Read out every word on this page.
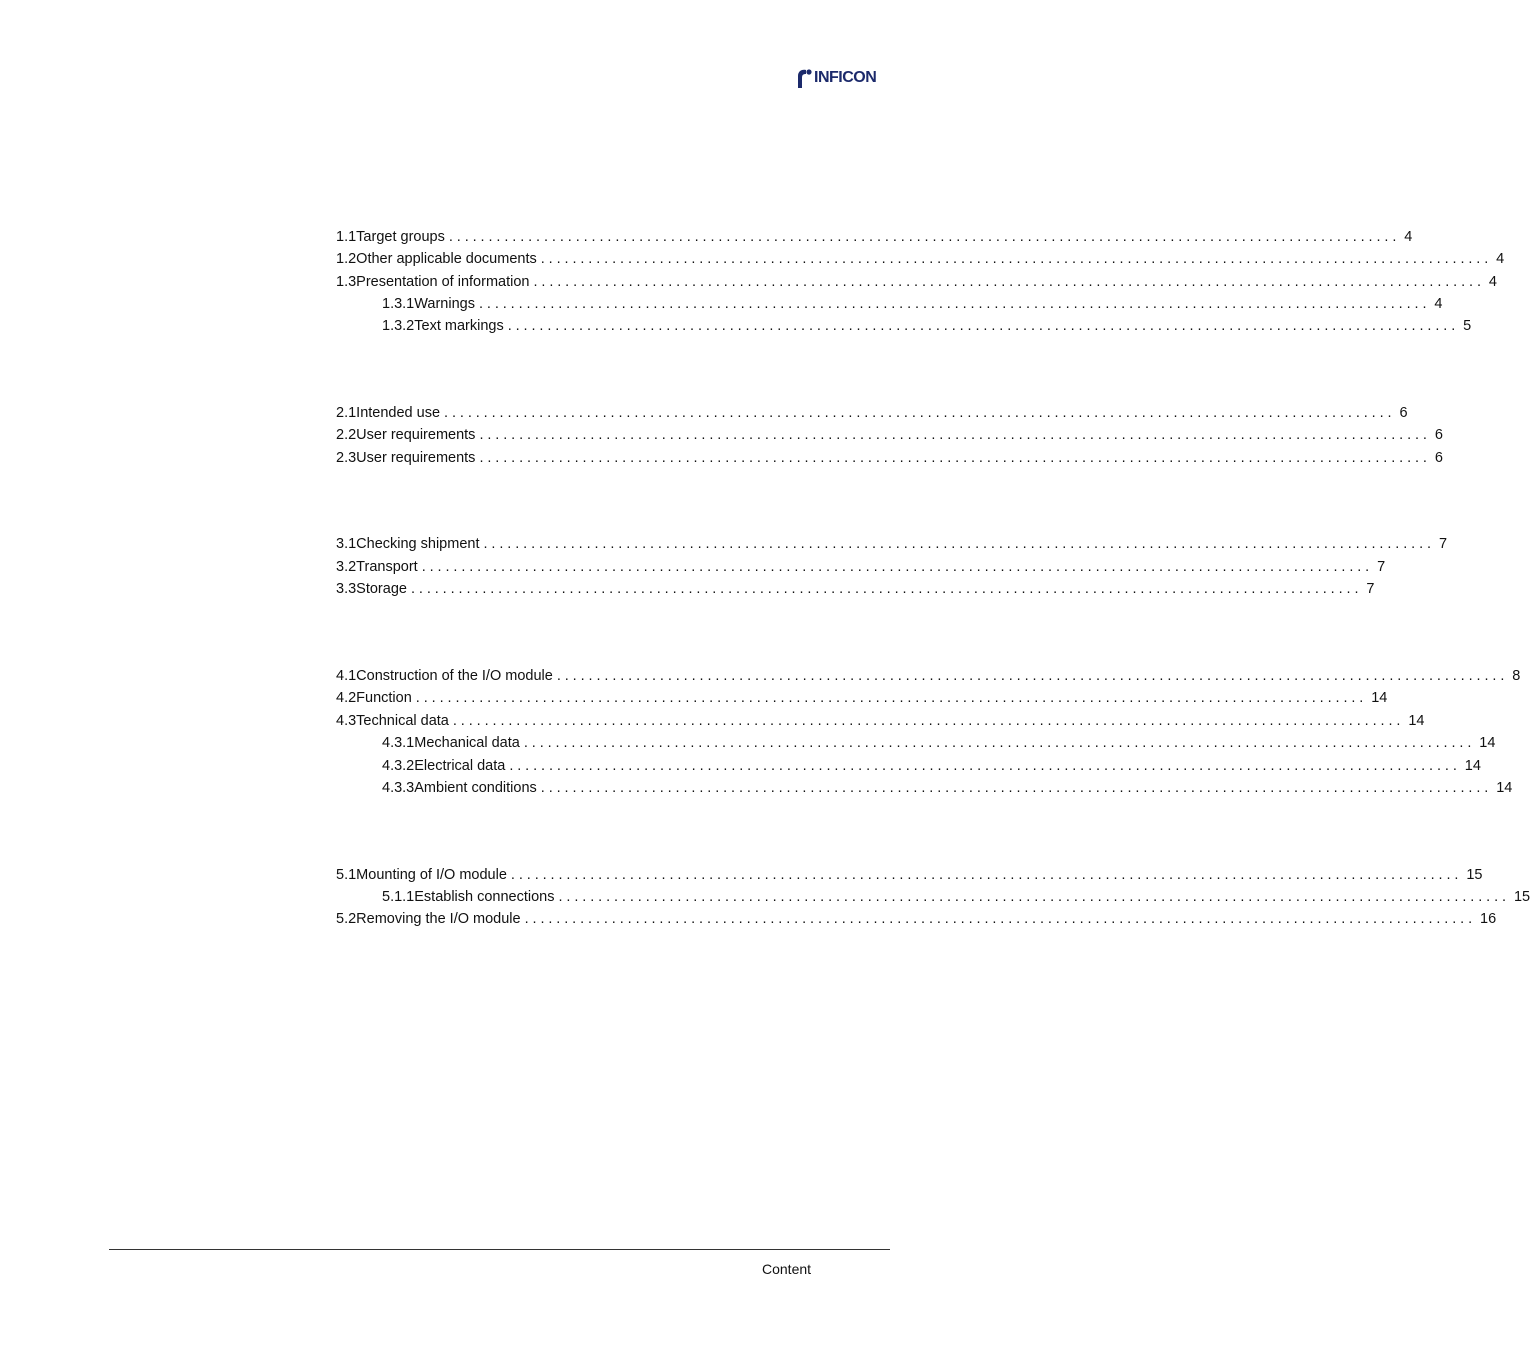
INFICON
1.1 Target groups ........................................................................................................................ 4
1.2 Other applicable documents ........................................................................................................................ 4
1.3 Presentation of information ........................................................................................................................ 4
1.3.1 Warnings ........................................................................................................................ 4
1.3.2 Text markings ........................................................................................................................ 5
2.1 Intended use ........................................................................................................................ 6
2.2 User requirements ........................................................................................................................ 6
2.3 User requirements ........................................................................................................................ 6
3.1 Checking shipment ........................................................................................................................ 7
3.2 Transport ........................................................................................................................ 7
3.3 Storage ........................................................................................................................ 7
4.1 Construction of the I/O module ........................................................................................................................ 8
4.2 Function ........................................................................................................................ 14
4.3 Technical data ........................................................................................................................ 14
4.3.1 Mechanical data ........................................................................................................................ 14
4.3.2 Electrical data ........................................................................................................................ 14
4.3.3 Ambient conditions ........................................................................................................................ 14
5.1 Mounting of I/O module ........................................................................................................................ 15
5.1.1 Establish connections ........................................................................................................................ 15
5.2 Removing the I/O module ........................................................................................................................ 16
Content
